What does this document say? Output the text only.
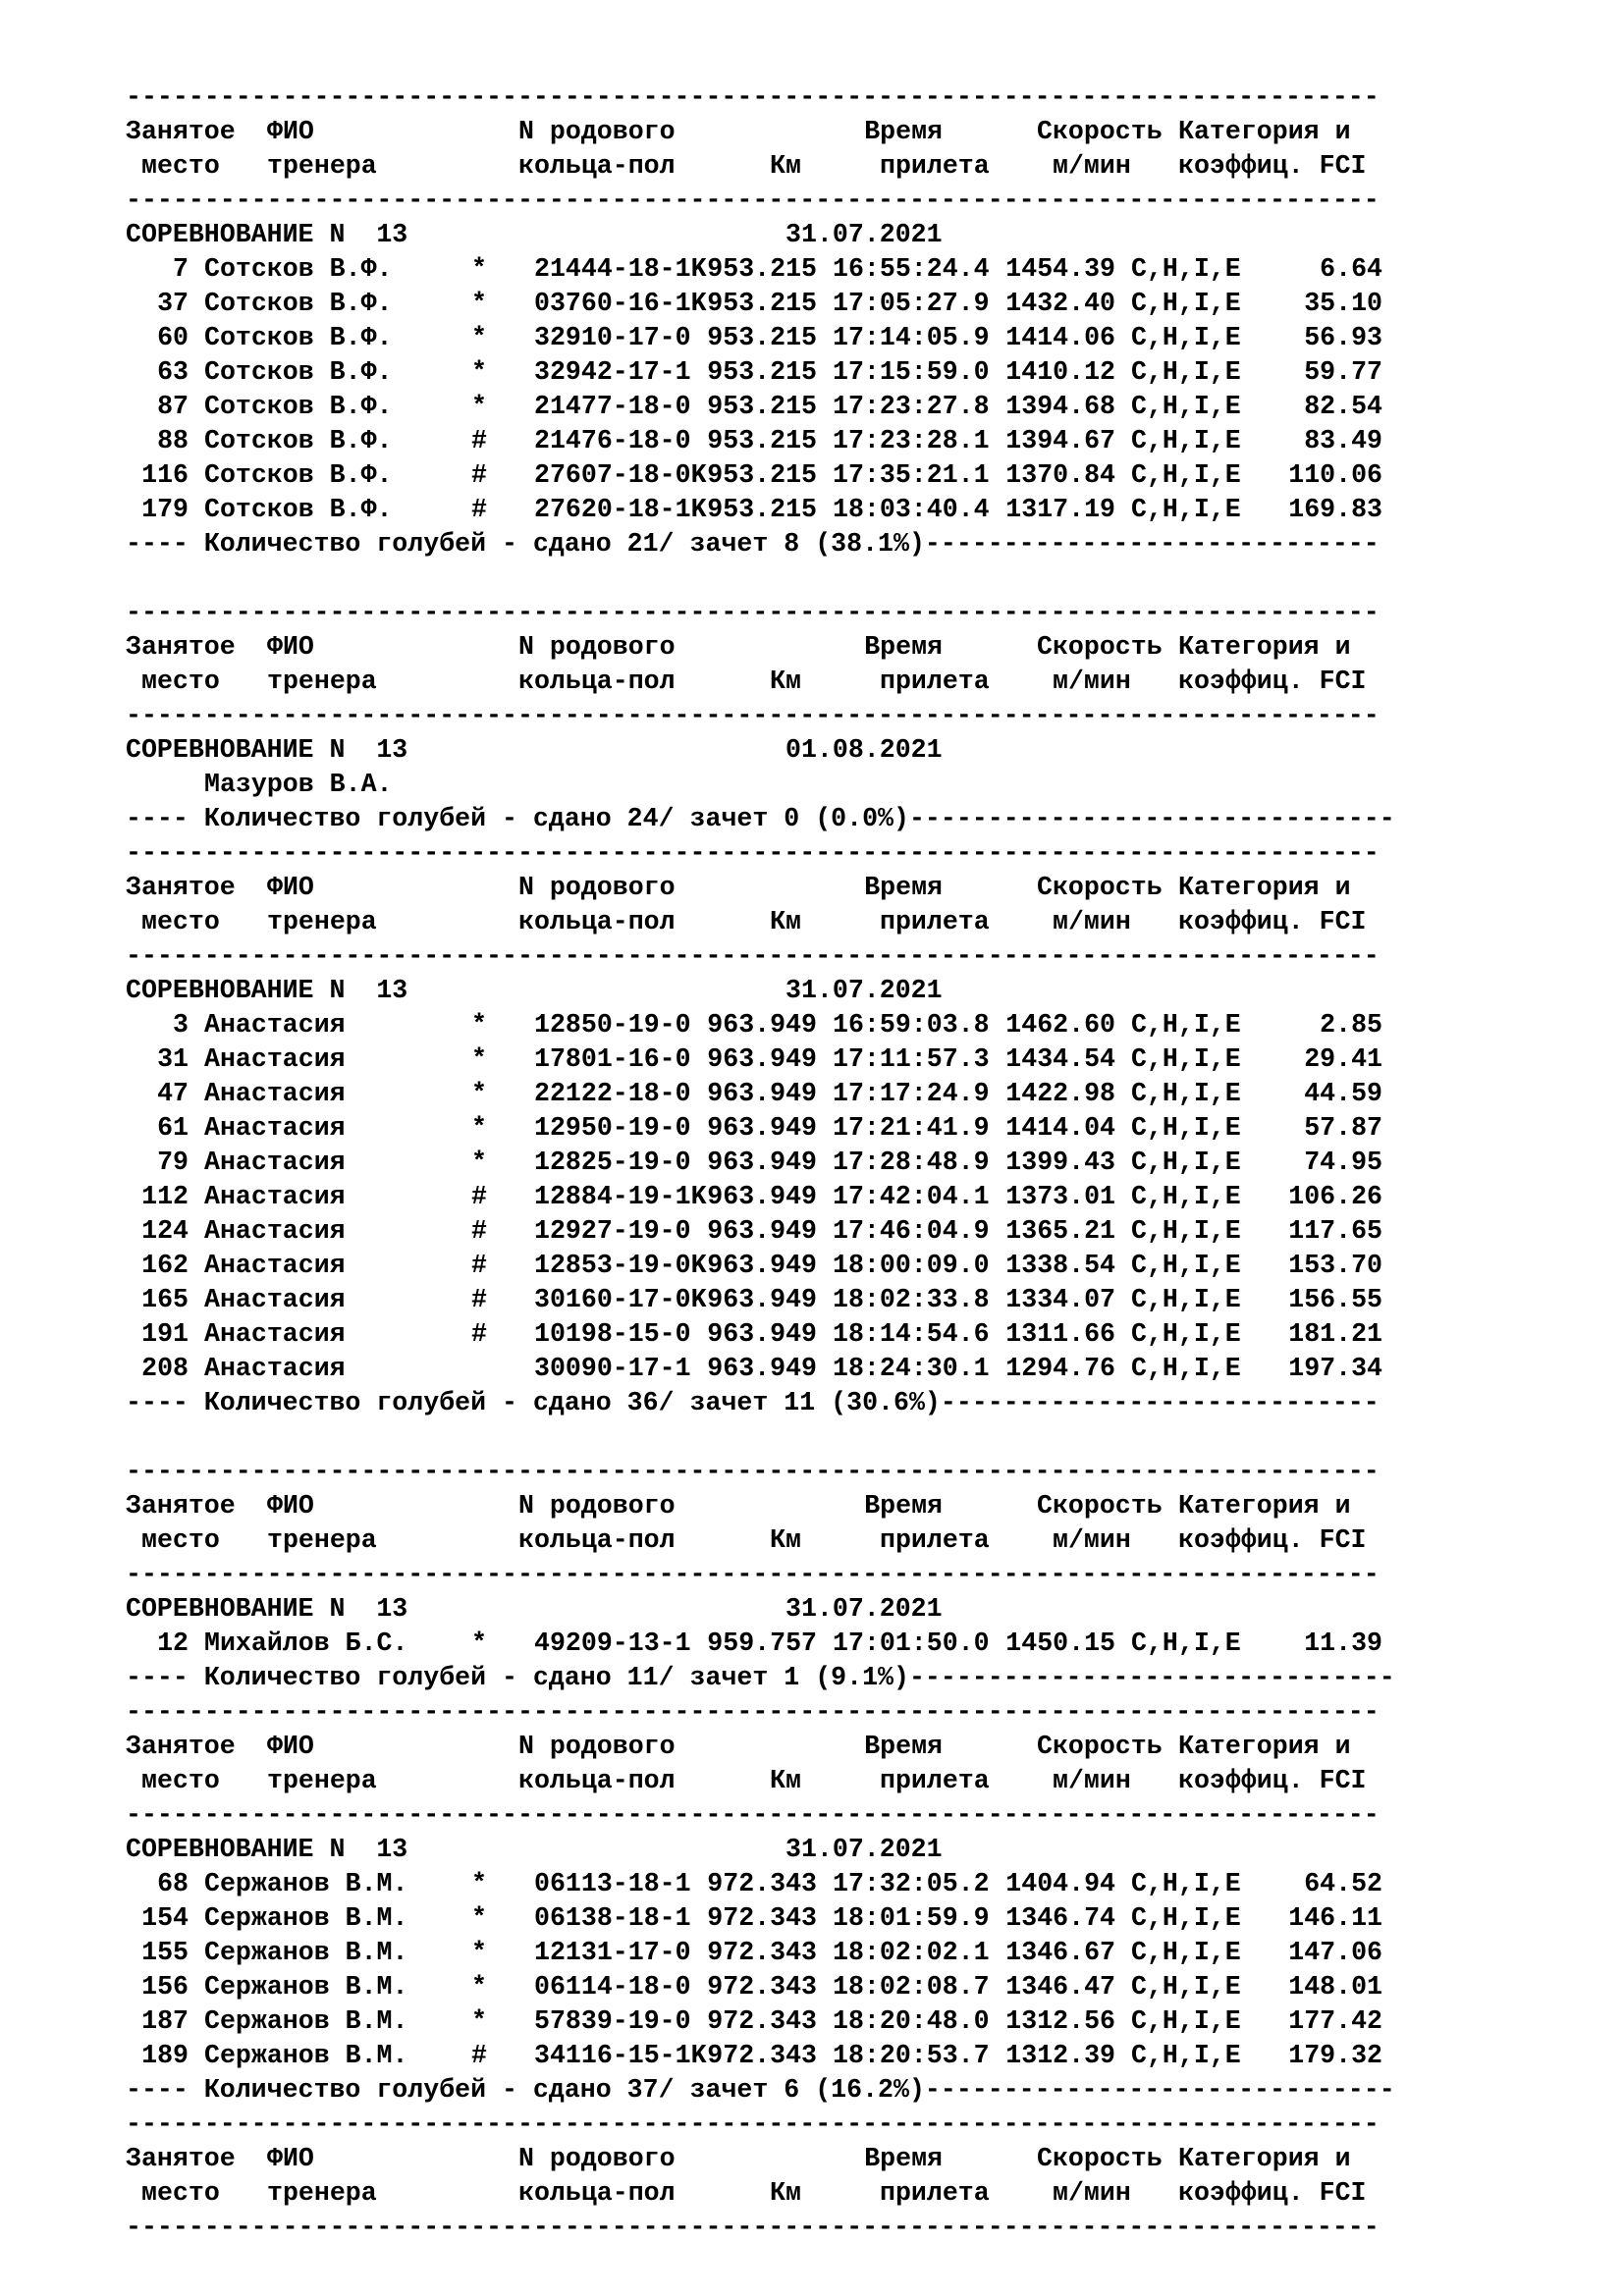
--------------------------------------------------------------------------------
Занятое ФИО	N родового	Время	Скорость Категория и
место тренера	кольца-пол	Км	прилета м/мин коэффиц. FCI
--------------------------------------------------------------------------------
СОРЕВНОВАНИЕ N  13	31.07.2021
7 Сотсков В.Ф.	* 21444-18-1K 953.215 16:55:24.4 1454.39 C,H,I,E	6.64
37 Сотсков В.Ф.	* 03760-16-1K 953.215 17:05:27.9 1432.40 C,H,I,E	35.10
60 Сотсков В.Ф.	* 32910-17-0 953.215 17:14:05.9 1414.06 C,H,I,E	56.93
63 Сотсков В.Ф.	* 32942-17-1 953.215 17:15:59.0 1410.12 C,H,I,E	59.77
87 Сотсков В.Ф.	* 21477-18-0 953.215 17:23:27.8 1394.68 C,H,I,E	82.54
88 Сотсков В.Ф.	# 21476-18-0 953.215 17:23:28.1 1394.67 C,H,I,E	83.49
116 Сотсков В.Ф.	# 27607-18-0K 953.215 17:35:21.1 1370.84 C,H,I,E	110.06
179 Сотсков В.Ф.	# 27620-18-1K 953.215 18:03:40.4 1317.19 C,H,I,E	169.83
---- Количество голубей - сдано 21/ зачет 8 (38.1%)-----------------------------
--------------------------------------------------------------------------------
Занятое ФИО	N родового	Время	Скорость Категория и
место тренера	кольца-пол	Км	прилета м/мин коэффиц. FCI
--------------------------------------------------------------------------------
СОРЕВНОВАНИЕ N  13	01.08.2021
Мазуров В.А.
---- Количество голубей - сдано 24/ зачет 0 (0.0%)-------------------------------
--------------------------------------------------------------------------------
Занятое ФИО	N родового	Время	Скорость Категория и
место тренера	кольца-пол	Км	прилета м/мин коэффиц. FCI
--------------------------------------------------------------------------------
СОРЕВНОВАНИЕ N  13	31.07.2021
3 Анастасия	* 12850-19-0 963.949 16:59:03.8 1462.60 C,H,I,E	2.85
31 Анастасия	* 17801-16-0 963.949 17:11:57.3 1434.54 C,H,I,E	29.41
47 Анастасия	* 22122-18-0 963.949 17:17:24.9 1422.98 C,H,I,E	44.59
61 Анастасия	* 12950-19-0 963.949 17:21:41.9 1414.04 C,H,I,E	57.87
79 Анастасия	* 12825-19-0 963.949 17:28:48.9 1399.43 C,H,I,E	74.95
112 Анастасия	# 12884-19-1K 963.949 17:42:04.1 1373.01 C,H,I,E	106.26
124 Анастасия	# 12927-19-0 963.949 17:46:04.9 1365.21 C,H,I,E	117.65
162 Анастасия	# 12853-19-0K 963.949 18:00:09.0 1338.54 C,H,I,E	153.70
165 Анастасия	# 30160-17-0K 963.949 18:02:33.8 1334.07 C,H,I,E	156.55
191 Анастасия	# 10198-15-0 963.949 18:14:54.6 1311.66 C,H,I,E	181.21
208 Анастасия	30090-17-1 963.949 18:24:30.1 1294.76 C,H,I,E	197.34
---- Количество голубей - сдано 36/ зачет 11 (30.6%)----------------------------
--------------------------------------------------------------------------------
Занятое ФИО	N родового	Время	Скорость Категория и
место тренера	кольца-пол	Км	прилета м/мин коэффиц. FCI
--------------------------------------------------------------------------------
СОРЕВНОВАНИЕ N  13	31.07.2021
12 Михайлов Б.С. * 49209-13-1 959.757 17:01:50.0 1450.15 C,H,I,E	11.39
---- Количество голубей - сдано 11/ зачет 1 (9.1%)-------------------------------
--------------------------------------------------------------------------------
Занятое ФИО	N родового	Время	Скорость Категория и
место тренера	кольца-пол	Км	прилета м/мин коэффиц. FCI
--------------------------------------------------------------------------------
СОРЕВНОВАНИЕ N  13	31.07.2021
68 Сержанов В.М. * 06113-18-1 972.343 17:32:05.2 1404.94 C,H,I,E	64.52
154 Сержанов В.М. * 06138-18-1 972.343 18:01:59.9 1346.74 C,H,I,E	146.11
155 Сержанов В.М. * 12131-17-0 972.343 18:02:02.1 1346.67 C,H,I,E	147.06
156 Сержанов В.М. * 06114-18-0 972.343 18:02:08.7 1346.47 C,H,I,E	148.01
187 Сержанов В.М. * 57839-19-0 972.343 18:20:48.0 1312.56 C,H,I,E	177.42
189 Сержанов В.М. # 34116-15-1K 972.343 18:20:53.7 1312.39 C,H,I,E	179.32
---- Количество голубей - сдано 37/ зачет 6 (16.2%)------------------------------
--------------------------------------------------------------------------------
Занятое ФИО	N родового	Время	Скорость Категория и
место тренера	кольца-пол	Км	прилета м/мин коэффиц. FCI
--------------------------------------------------------------------------------
